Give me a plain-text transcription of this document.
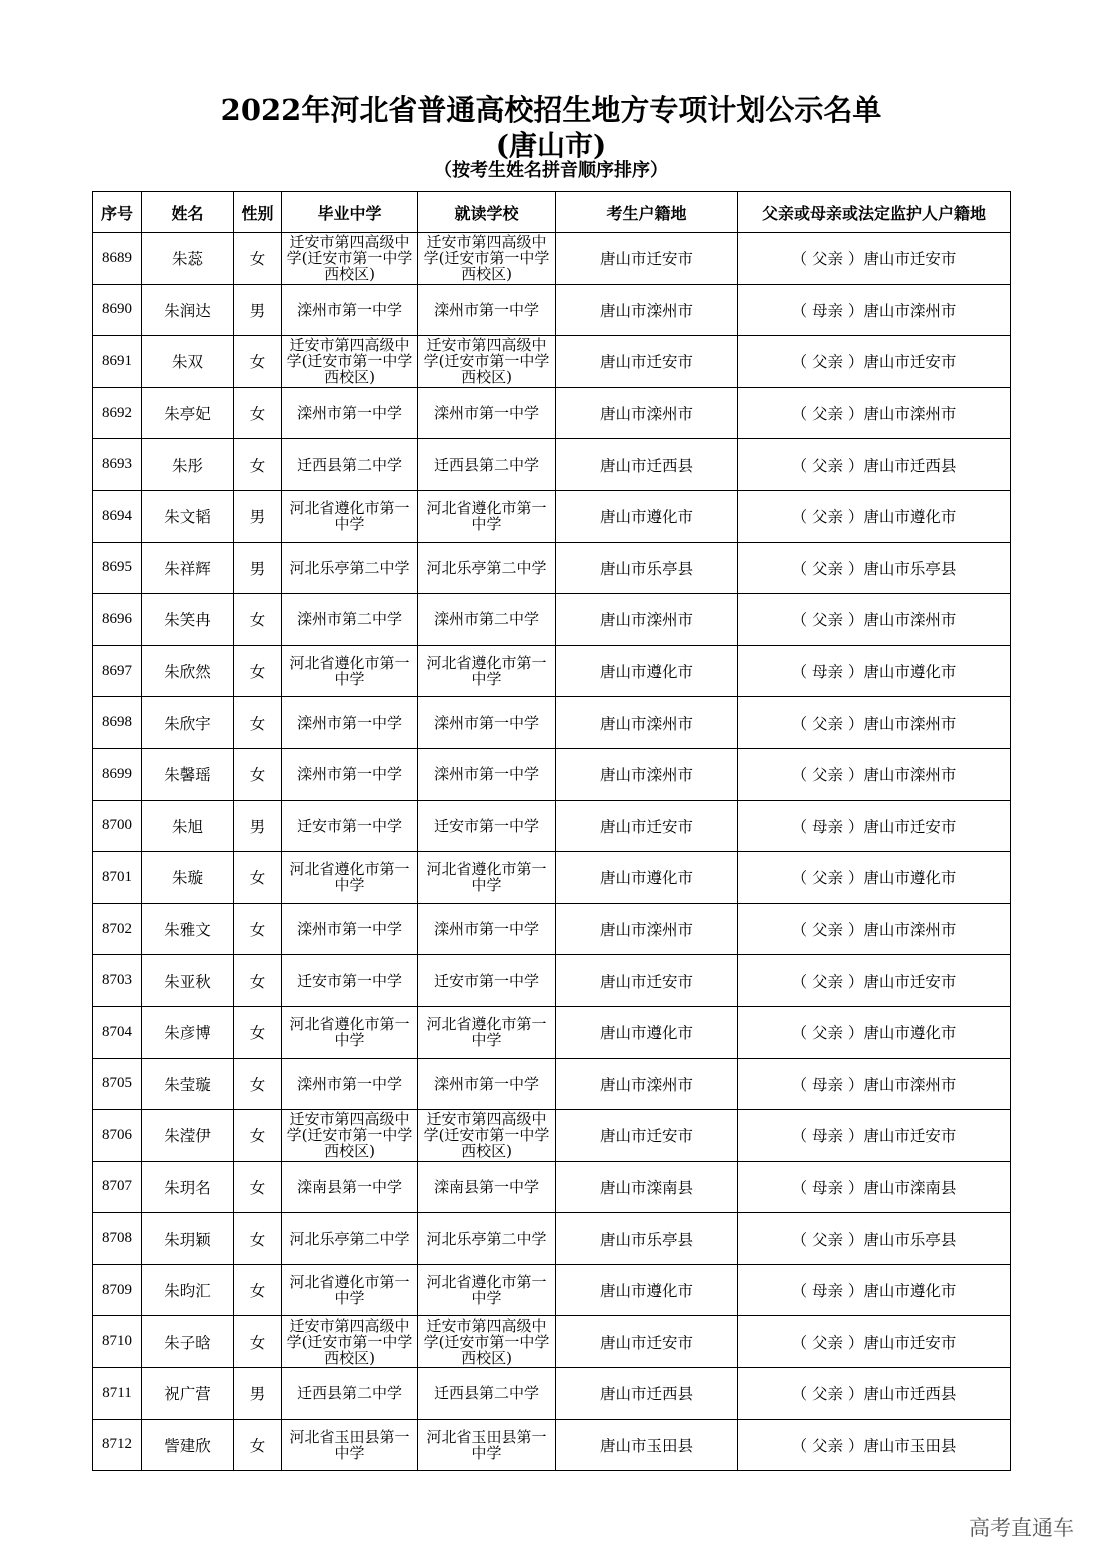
2022年河北省普通高校招生地方专项计划公示名单
(唐山市)
（按考生姓名拼音顺序排序）
序号	姓名	性别	毕业中学	就读学校	考生户籍地	父亲或母亲或法定监护人户籍地
8689	朱蕊	女	迁安市第四高级中学(迁安市第一中学西校区)	迁安市第四高级中学(迁安市第一中学西校区)	唐山市迁安市	（ 父亲 ）唐山市迁安市
8690	朱润达	男	滦州市第一中学	滦州市第一中学	唐山市滦州市	（ 母亲 ）唐山市滦州市
8691	朱双	女	迁安市第四高级中学(迁安市第一中学西校区)	迁安市第四高级中学(迁安市第一中学西校区)	唐山市迁安市	（ 父亲 ）唐山市迁安市
8692	朱亭妃	女	滦州市第一中学	滦州市第一中学	唐山市滦州市	（ 父亲 ）唐山市滦州市
8693	朱彤	女	迁西县第二中学	迁西县第二中学	唐山市迁西县	（ 父亲 ）唐山市迁西县
8694	朱文韬	男	河北省遵化市第一中学	河北省遵化市第一中学	唐山市遵化市	（ 父亲 ）唐山市遵化市
8695	朱祥辉	男	河北乐亭第二中学	河北乐亭第二中学	唐山市乐亭县	（ 父亲 ）唐山市乐亭县
8696	朱笑冉	女	滦州市第二中学	滦州市第二中学	唐山市滦州市	（ 父亲 ）唐山市滦州市
8697	朱欣然	女	河北省遵化市第一中学	河北省遵化市第一中学	唐山市遵化市	（ 母亲 ）唐山市遵化市
8698	朱欣宇	女	滦州市第一中学	滦州市第一中学	唐山市滦州市	（ 父亲 ）唐山市滦州市
8699	朱馨瑶	女	滦州市第一中学	滦州市第一中学	唐山市滦州市	（ 父亲 ）唐山市滦州市
8700	朱旭	男	迁安市第一中学	迁安市第一中学	唐山市迁安市	（ 母亲 ）唐山市迁安市
8701	朱璇	女	河北省遵化市第一中学	河北省遵化市第一中学	唐山市遵化市	（ 父亲 ）唐山市遵化市
8702	朱雅文	女	滦州市第一中学	滦州市第一中学	唐山市滦州市	（ 父亲 ）唐山市滦州市
8703	朱亚秋	女	迁安市第一中学	迁安市第一中学	唐山市迁安市	（ 父亲 ）唐山市迁安市
8704	朱彦博	女	河北省遵化市第一中学	河北省遵化市第一中学	唐山市遵化市	（ 父亲 ）唐山市遵化市
8705	朱莹璇	女	滦州市第一中学	滦州市第一中学	唐山市滦州市	（ 母亲 ）唐山市滦州市
8706	朱滢伊	女	迁安市第四高级中学(迁安市第一中学西校区)	迁安市第四高级中学(迁安市第一中学西校区)	唐山市迁安市	（ 母亲 ）唐山市迁安市
8707	朱玥名	女	滦南县第一中学	滦南县第一中学	唐山市滦南县	（ 母亲 ）唐山市滦南县
8708	朱玥颖	女	河北乐亭第二中学	河北乐亭第二中学	唐山市乐亭县	（ 父亲 ）唐山市乐亭县
8709	朱昀汇	女	河北省遵化市第一中学	河北省遵化市第一中学	唐山市遵化市	（ 母亲 ）唐山市遵化市
8710	朱子晗	女	迁安市第四高级中学(迁安市第一中学西校区)	迁安市第四高级中学(迁安市第一中学西校区)	唐山市迁安市	（ 父亲 ）唐山市迁安市
8711	祝广营	男	迁西县第二中学	迁西县第二中学	唐山市迁西县	（ 父亲 ）唐山市迁西县
8712	訾建欣	女	河北省玉田县第一中学	河北省玉田县第一中学	唐山市玉田县	（ 父亲 ）唐山市玉田县
高考直通车
